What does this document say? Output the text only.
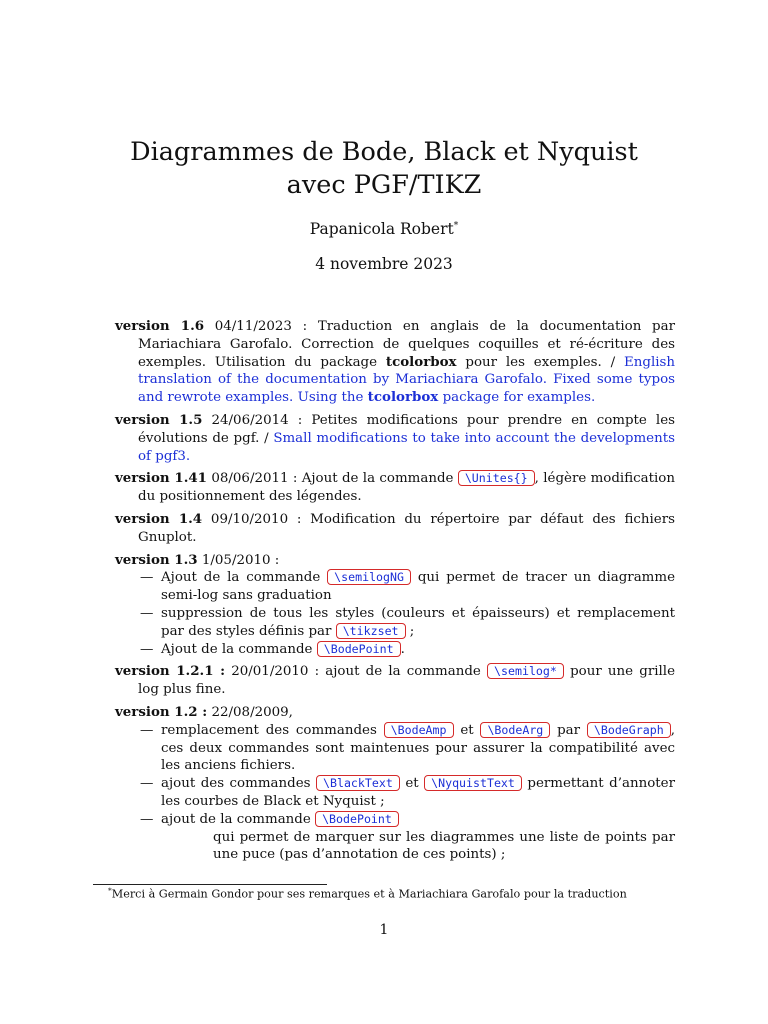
Diagrammes de Bode, Black et Nyquist avec PGF/TIKZ
Papanicola Robert*
4 novembre 2023
version 1.6 04/11/2023 : Traduction en anglais de la documentation par Mariachiara Garofalo. Correction de quelques coquilles et ré-écriture des exemples. Utilisation du package tcolorbox pour les exemples. / English translation of the documentation by Mariachiara Garofalo. Fixed some typos and rewrote examples. Using the tcolorbox package for examples.
version 1.5 24/06/2014 : Petites modifications pour prendre en compte les évolutions de pgf. / Small modifications to take into account the developments of pgf3.
version 1.41 08/06/2011 : Ajout de la commande \Unites{} , légère modification du positionnement des légendes.
version 1.4 09/10/2010 : Modification du répertoire par défaut des fichiers Gnuplot.
version 1.3 1/05/2010 :
— Ajout de la commande \semilogNG qui permet de tracer un diagramme semi-log sans graduation
— suppression de tous les styles (couleurs et épaisseurs) et remplacement par des styles définis par \tikzset ;
— Ajout de la commande \BodePoint .
version 1.2.1 : 20/01/2010 : ajout de la commande \semilog* pour une grille log plus fine.
version 1.2 : 22/08/2009,
— remplacement des commandes \BodeAmp et \BodeArg par \BodeGraph , ces deux commandes sont maintenues pour assurer la compatibilité avec les anciens fichiers.
— ajout des commandes \BlackText et \NyquistText permettant d’annoter les courbes de Black et Nyquist ;
— ajout de la commande \BodePoint
qui permet de marquer sur les diagrammes une liste de points par une puce (pas d’annotation de ces points) ;
*Merci à Germain Gondor pour ses remarques et à Mariachiara Garofalo pour la traduction
1
